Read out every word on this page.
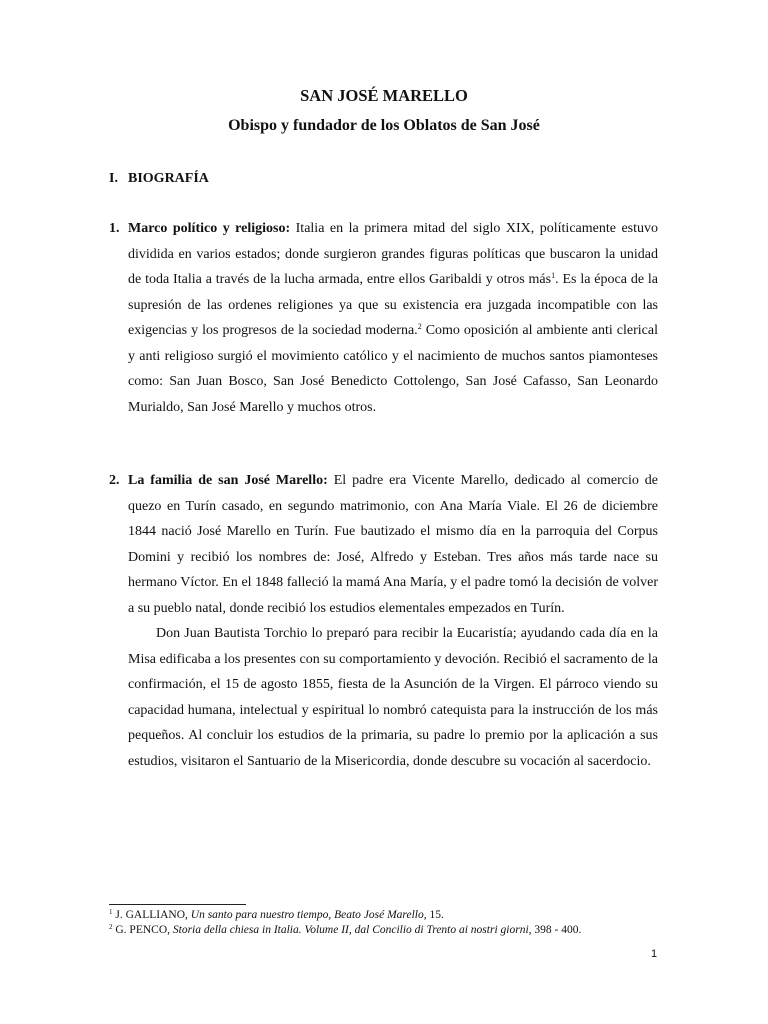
SAN JOSÉ MARELLO
Obispo y fundador de los Oblatos de San José
I. BIOGRAFÍA
1. Marco político y religioso: Italia en la primera mitad del siglo XIX, políticamente estuvo dividida en varios estados; donde surgieron grandes figuras políticas que buscaron la unidad de toda Italia a través de la lucha armada, entre ellos Garibaldi y otros más$^1$. Es la época de la supresión de las ordenes religiones ya que su existencia era juzgada incompatible con las exigencias y los progresos de la sociedad moderna.$^2$ Como oposición al ambiente anti clerical y anti religioso surgió el movimiento católico y el nacimiento de muchos santos piamonteses como: San Juan Bosco, San José Benedicto Cottolengo, San José Cafasso, San Leonardo Murialdo, San José Marello y muchos otros.

2. La familia de san José Marello: El padre era Vicente Marello, dedicado al comercio de quezo en Turín casado, en segundo matrimonio, con Ana María Viale. El 26 de diciembre 1844 nació José Marello en Turín. Fue bautizado el mismo día en la parroquia del Corpus Domini y recibió los nombres de: José, Alfredo y Esteban. Tres años más tarde nace su hermano Víctor. En el 1848 falleció la mamá Ana María, y el padre tomó la decisión de volver a su pueblo natal, donde recibió los estudios elementales empezados en Turín.

Don Juan Bautista Torchio lo preparó para recibir la Eucaristía; ayudando cada día en la Misa edificaba a los presentes con su comportamiento y devoción. Recibió el sacramento de la confirmación, el 15 de agosto 1855, fiesta de la Asunción de la Virgen. El párroco viendo su capacidad humana, intelectual y espiritual lo nombró catequista para la instrucción de los más pequeños. Al concluir los estudios de la primaria, su padre lo premio por la aplicación a sus estudios, visitaron el Santuario de la Misericordia, donde descubre su vocación al sacerdocio.

$^1$ J. GALLIANO, Un santo para nuestro tiempo, Beato José Marello, 15.
$^2$ G. PENCO, Storia della chiesa in Italia. Volume II, dal Concilio di Trento ai nostri giorni, 398 - 400.
1
